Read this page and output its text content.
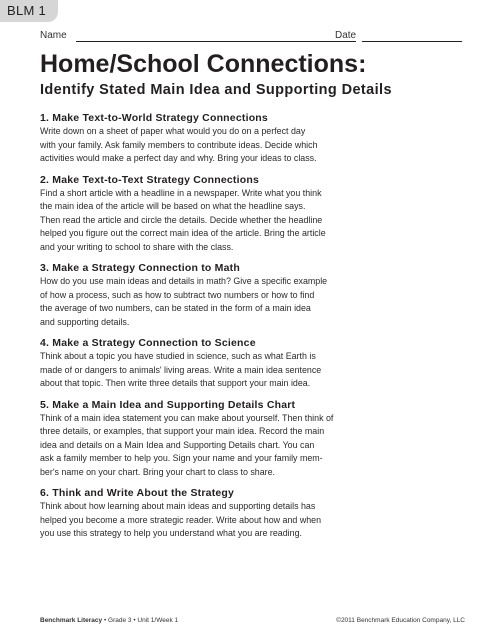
BLM 1
Name	Date
Home/School Connections:
Identify Stated Main Idea and Supporting Details
1. Make Text-to-World Strategy Connections

Write down on a sheet of paper what would you do on a perfect day
with your family. Ask family members to contribute ideas. Decide which
activities would make a perfect day and why. Bring your ideas to class.

2. Make Text-to-Text Strategy Connections

Find a short article with a headline in a newspaper. Write what you think
the main idea of the article will be based on what the headline says.
Then read the article and circle the details. Decide whether the headline
helped you figure out the correct main idea of the article. Bring the article
and your writing to school to share with the class.

3. Make a Strategy Connection to Math

How do you use main ideas and details in math? Give a specific example
of how a process, such as how to subtract two numbers or how to find
the average of two numbers, can be stated in the form of a main idea
and supporting details.

4. Make a Strategy Connection to Science

Think about a topic you have studied in science, such as what Earth is
made of or dangers to animals' living areas. Write a main idea sentence
about that topic. Then write three details that support your main idea.

5. Make a Main Idea and Supporting Details Chart

Think of a main idea statement you can make about yourself. Then think of
three details, or examples, that support your main idea. Record the main
idea and details on a Main Idea and Supporting Details chart. You can
ask a family member to help you. Sign your name and your family mem-
ber's name on your chart. Bring your chart to class to share.

6. Think and Write About the Strategy

Think about how learning about main ideas and supporting details has
helped you become a more strategic reader. Write about how and when
you use this strategy to help you understand what you are reading.

Benchmark Literacy • Grade 3 • Unit 1/Week 1	©2011 Benchmark Education Company, LLC
